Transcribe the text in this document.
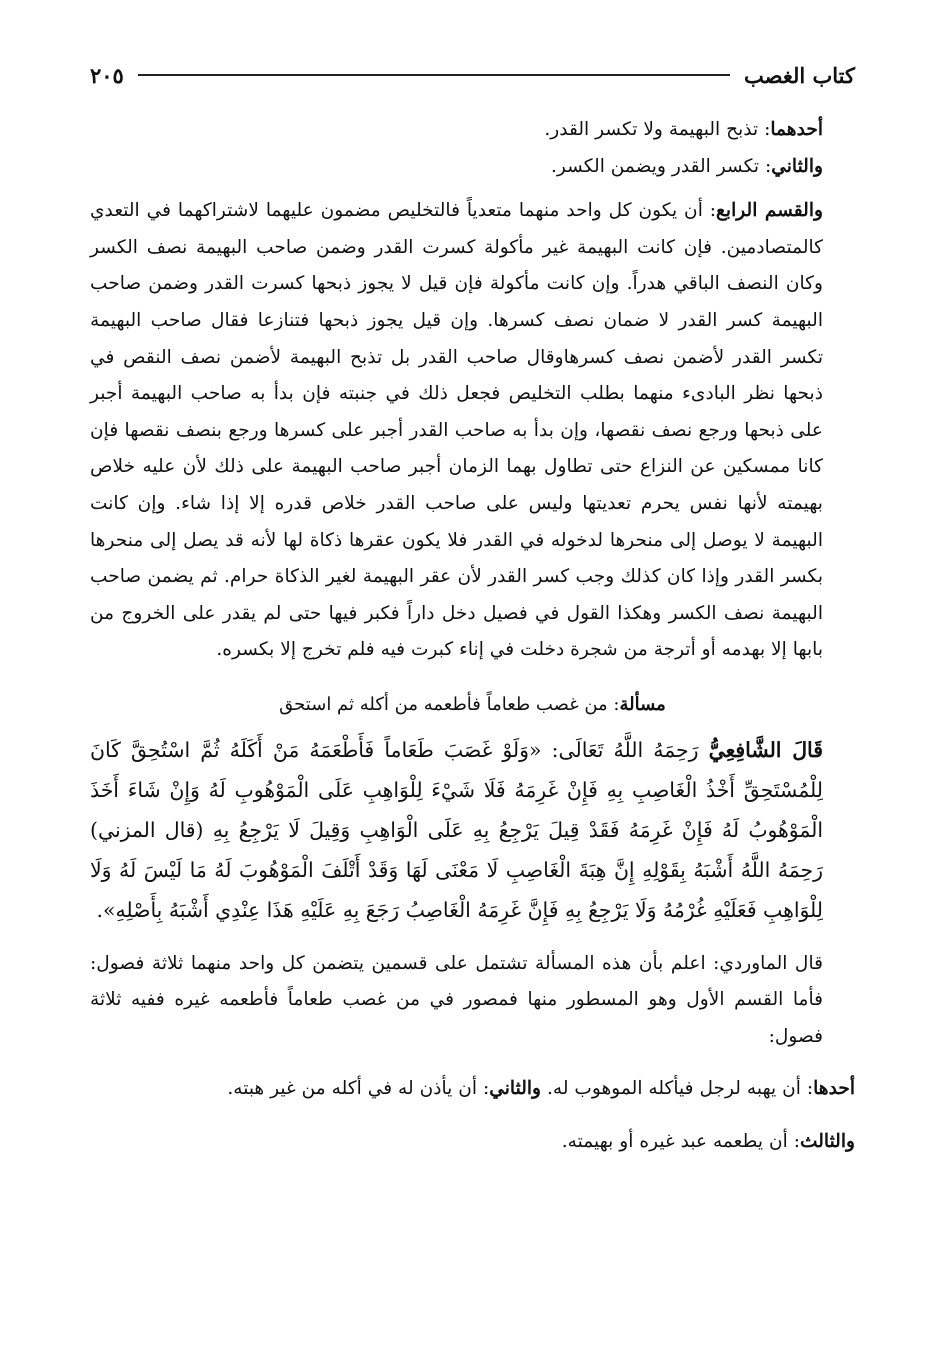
كتاب الغصب
٢٠٥

أحدهما: تذبح البهيمة ولا تكسر القدر.

والثاني: تكسر القدر ويضمن الكسر.

والقسم الرابع: أن يكون كل واحد منهما متعدياً فالتخليص مضمون عليهما لاشتراكهما في التعدي كالمتصادمين. فإن كانت البهيمة غير مأكولة كسرت القدر وضمن صاحب البهيمة نصف الكسر وكان النصف الباقي هدراً. وإن كانت مأكولة فإن قيل لا يجوز ذبحها كسرت القدر وضمن صاحب البهيمة كسر القدر لا ضمان نصف كسرها. وإن قيل يجوز ذبحها فتنازعا فقال صاحب البهيمة تكسر القدر لأضمن نصف كسرهاوقال صاحب القدر بل تذبح البهيمة لأضمن نصف النقص في ذبحها نظر البادىء منهما بطلب التخليص فجعل ذلك في جنبته فإن بدأ به صاحب البهيمة أجبر على ذبحها ورجع نصف نقصها، وإن بدأ به صاحب القدر أجبر على كسرها ورجع بنصف نقصها فإن كانا ممسكين عن النزاع حتى تطاول بهما الزمان أجبر صاحب البهيمة على ذلك لأن عليه خلاص بهيمته لأنها نفس يحرم تعديتها وليس على صاحب القدر خلاص قدره إلا إذا شاء. وإن كانت البهيمة لا يوصل إلى منحرها لدخوله في القدر فلا يكون عقرها ذكاة لها لأنه قد يصل إلى منحرها بكسر القدر وإذا كان كذلك وجب كسر القدر لأن عقر البهيمة لغير الذكاة حرام. ثم يضمن صاحب البهيمة نصف الكسر وهكذا القول في فصيل دخل داراً فكبر فيها حتى لم يقدر على الخروج من بابها إلا بهدمه أو أترجة من شجرة دخلت في إناء كبرت فيه فلم تخرج إلا بكسره.

مسألة: من غصب طعاماً فأطعمه من أكله ثم استحق

قَالَ الشَّافِعِيُّ رَحِمَهُ اللَّهُ تَعَالَى: «وَلَوْ غَصَبَ طَعَاماً فَأَطْعَمَهُ مَنْ أَكَلَهُ ثُمَّ اسْتُحِقَّ كَانَ لِلْمُسْتَحِقِّ أَخْذُ الْغَاصِبِ بِهِ فَإِنْ غَرِمَهُ فَلَا شَيْءَ لِلْوَاهِبِ عَلَى الْمَوْهُوبِ لَهُ وَإِنْ شَاءَ أَخَذَ الْمَوْهُوبُ لَهُ فَإِنْ غَرِمَهُ فَقَدْ قِيلَ يَرْجِعُ بِهِ عَلَى الْوَاهِبِ وَقِيلَ لَا يَرْجِعُ بِهِ (قال المزني) رَحِمَهُ اللَّهُ أَشْبَهُ بِقَوْلِهِ إِنَّ هِبَةَ الْغَاصِبِ لَا مَعْنَى لَهَا وَقَدْ أَتْلَفَ الْمَوْهُوبَ لَهُ مَا لَيْسَ لَهُ وَلَا لِلْوَاهِبِ فَعَلَيْهِ غُرْمُهُ وَلَا يَرْجِعُ بِهِ فَإِنَّ غَرِمَهُ الْغَاصِبُ رَجَعَ بِهِ عَلَيْهِ هَذَا عِنْدِي أَشْبَهُ بِأَصْلِهِ».

قال الماوردي: اعلم بأن هذه المسألة تشتمل على قسمين يتضمن كل واحد منهما ثلاثة فصول: فأما القسم الأول وهو المسطور منها فمصور في من غصب طعاماً فأطعمه غيره ففيه ثلاثة فصول:

أحدها: أن يهبه لرجل فيأكله الموهوب له. والثاني: أن يأذن له في أكله من غير هبته.

والثالث: أن يطعمه عبد غيره أو بهيمته.
